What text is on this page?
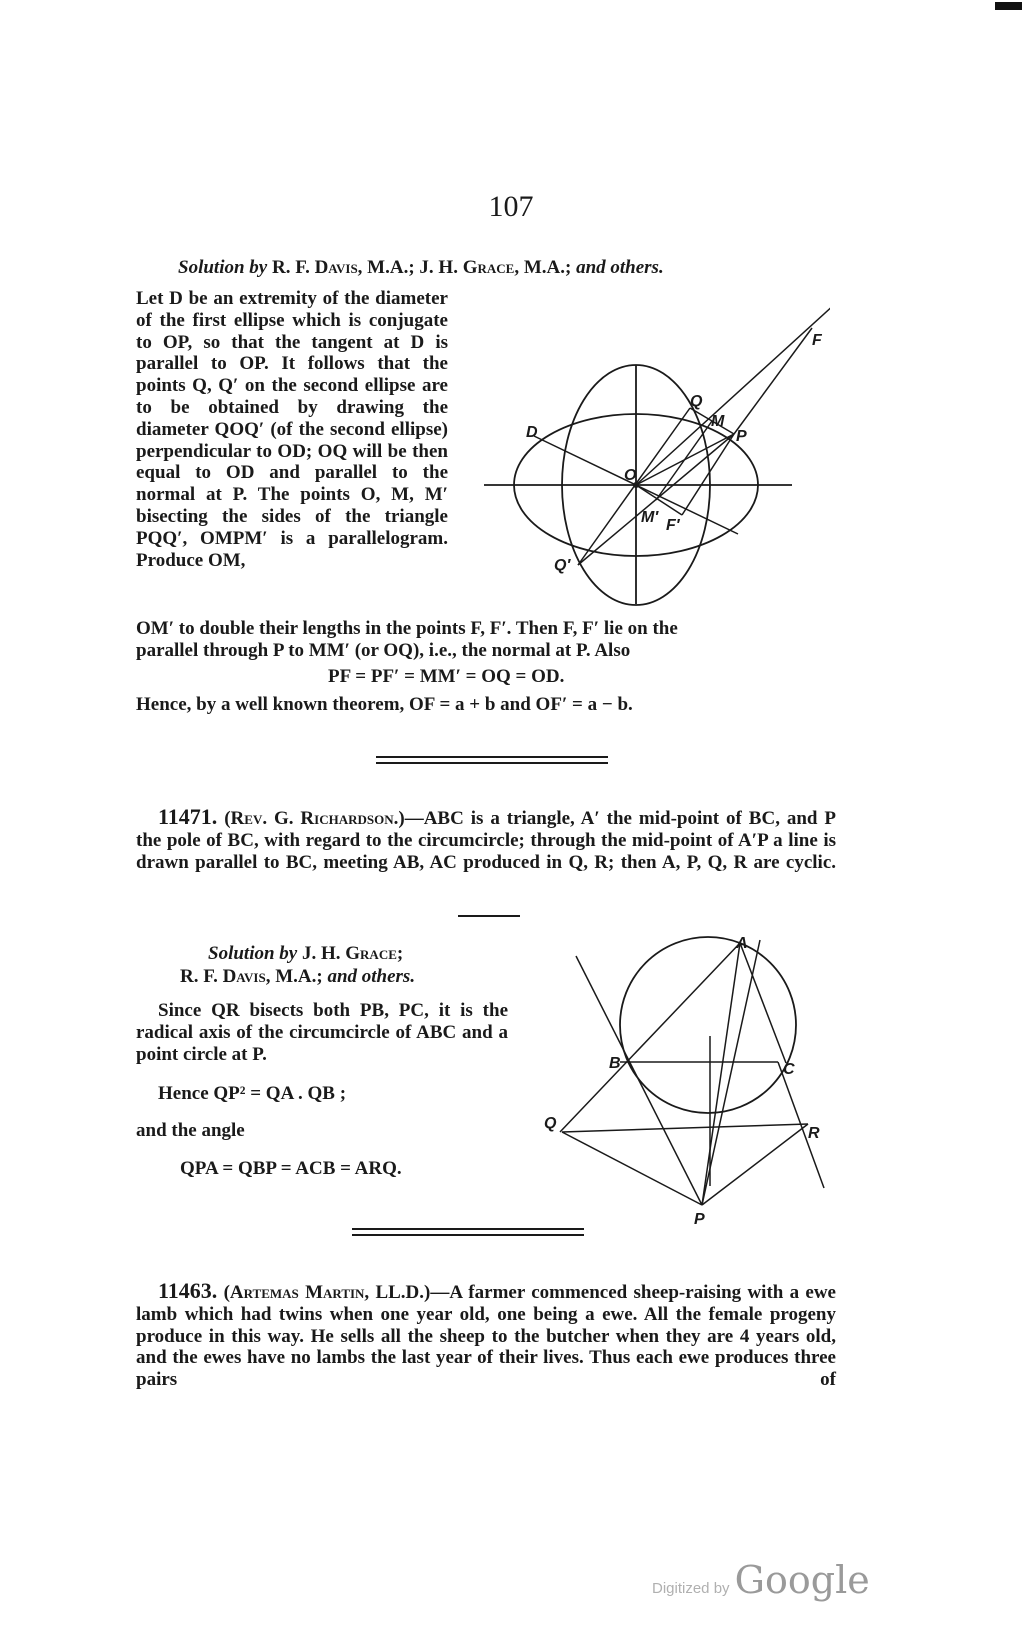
107
Solution by R. F. Davis, M.A.; J. H. Grace, M.A.; and others.
Let D be an extremity of the diameter of the first ellipse which is conjugate to OP, so that the tangent at D is parallel to OP. It follows that the points Q, Q′ on the second ellipse are to be obtained by drawing the diameter QOQ′ (of the second ellipse) perpendicular to OD; OQ will be then equal to OD and parallel to the normal at P. The points O, M, M′ bisecting the sides of the triangle PQQ′, OMPM′ is a parallelogram. Produce OM,
F
Q
M
P
D
O
M′ F′
Q′
OM′ to double their lengths in the points F, F′. Then F, F′ lie on the
parallel through P to MM′ (or OQ), i.e., the normal at P. Also
PF = PF′ = MM′ = OQ = OD.
Hence, by a well known theorem, OF = a + b and OF′ = a − b.
11471. (Rev. G. Richardson.)—ABC is a triangle, A′ the mid-point of BC, and P the pole of BC, with regard to the circumcircle; through the mid-point of A′P a line is drawn parallel to BC, meeting AB, AC produced in Q, R; then A, P, Q, R are cyclic.
Solution by J. H. Grace;
R. F. Davis, M.A.; and others.
Since QR bisects both PB, PC, it is the radical axis of the circumcircle of ABC and a point circle at P.
Hence QP² = QA . QB ;
and the angle
QPA = QBP = ACB = ARQ.
A
B	C
Q
R
P
11463. (Artemas Martin, LL.D.)—A farmer commenced sheep-raising with a ewe lamb which had twins when one year old, one being a ewe. All the female progeny produce in this way. He sells all the sheep to the butcher when they are 4 years old, and the ewes have no lambs the last year of their lives. Thus each ewe produces three pairs of
Digitized by Google
